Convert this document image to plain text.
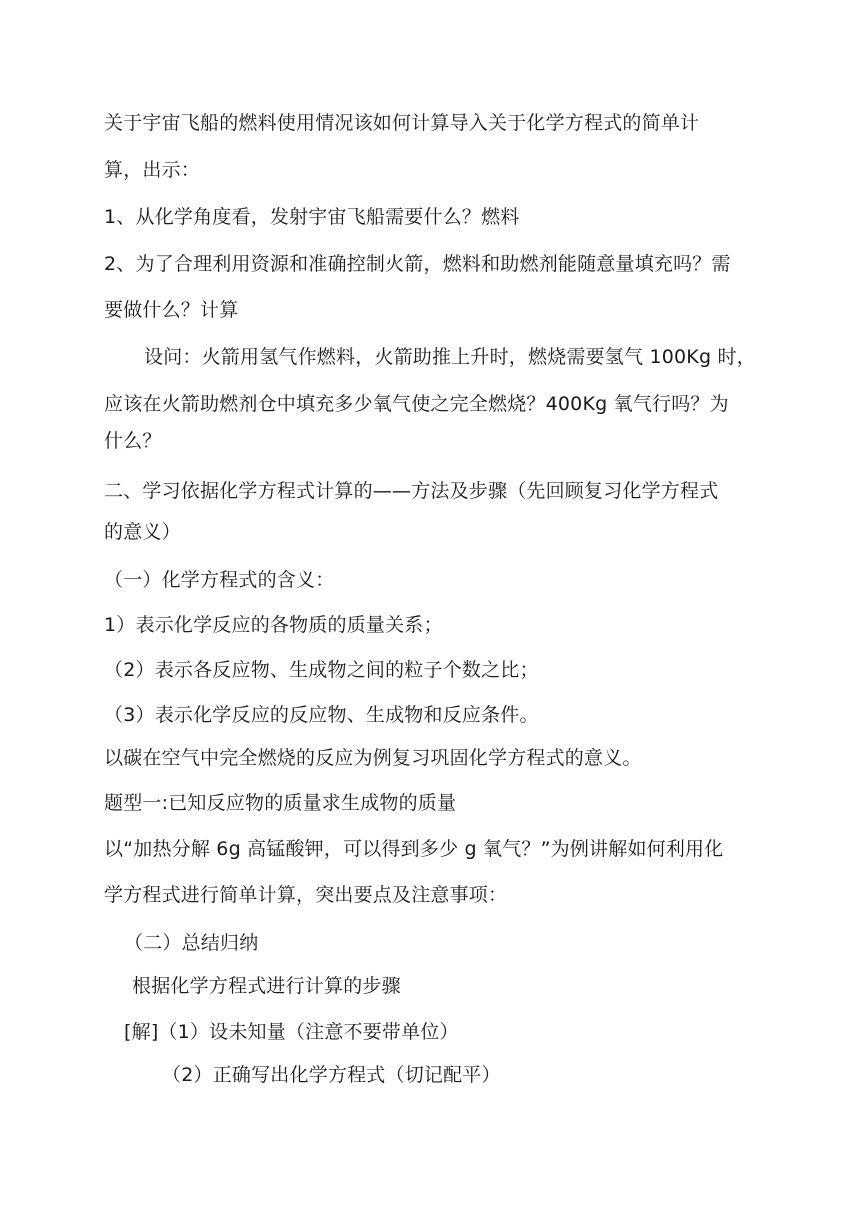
关于宇宙飞船的燃料使用情况该如何计算导入关于化学方程式的简单计
算，出示：
1、从化学角度看，发射宇宙飞船需要什么？燃料
2、为了合理利用资源和准确控制火箭，燃料和助燃剂能随意量填充吗？需
要做什么？计算
设问：火箭用氢气作燃料，火箭助推上升时，燃烧需要氢气 100Kg 时，
应该在火箭助燃剂仓中填充多少氧气使之完全燃烧？400Kg 氧气行吗？为
什么？
二、学习依据化学方程式计算的——方法及步骤（先回顾复习化学方程式
的意义）
（一）化学方程式的含义：
1）表示化学反应的各物质的质量关系；
（2）表示各反应物、生成物之间的粒子个数之比；
（3）表示化学反应的反应物、生成物和反应条件。
以碳在空气中完全燃烧的反应为例复习巩固化学方程式的意义。
题型一:已知反应物的质量求生成物的质量
以“加热分解 6g 高锰酸钾，可以得到多少 g 氧气？”为例讲解如何利用化
学方程式进行简单计算，突出要点及注意事项：
（二）总结归纳
根据化学方程式进行计算的步骤
[解]（1）设未知量（注意不要带单位）
（2）正确写出化学方程式（切记配平）
